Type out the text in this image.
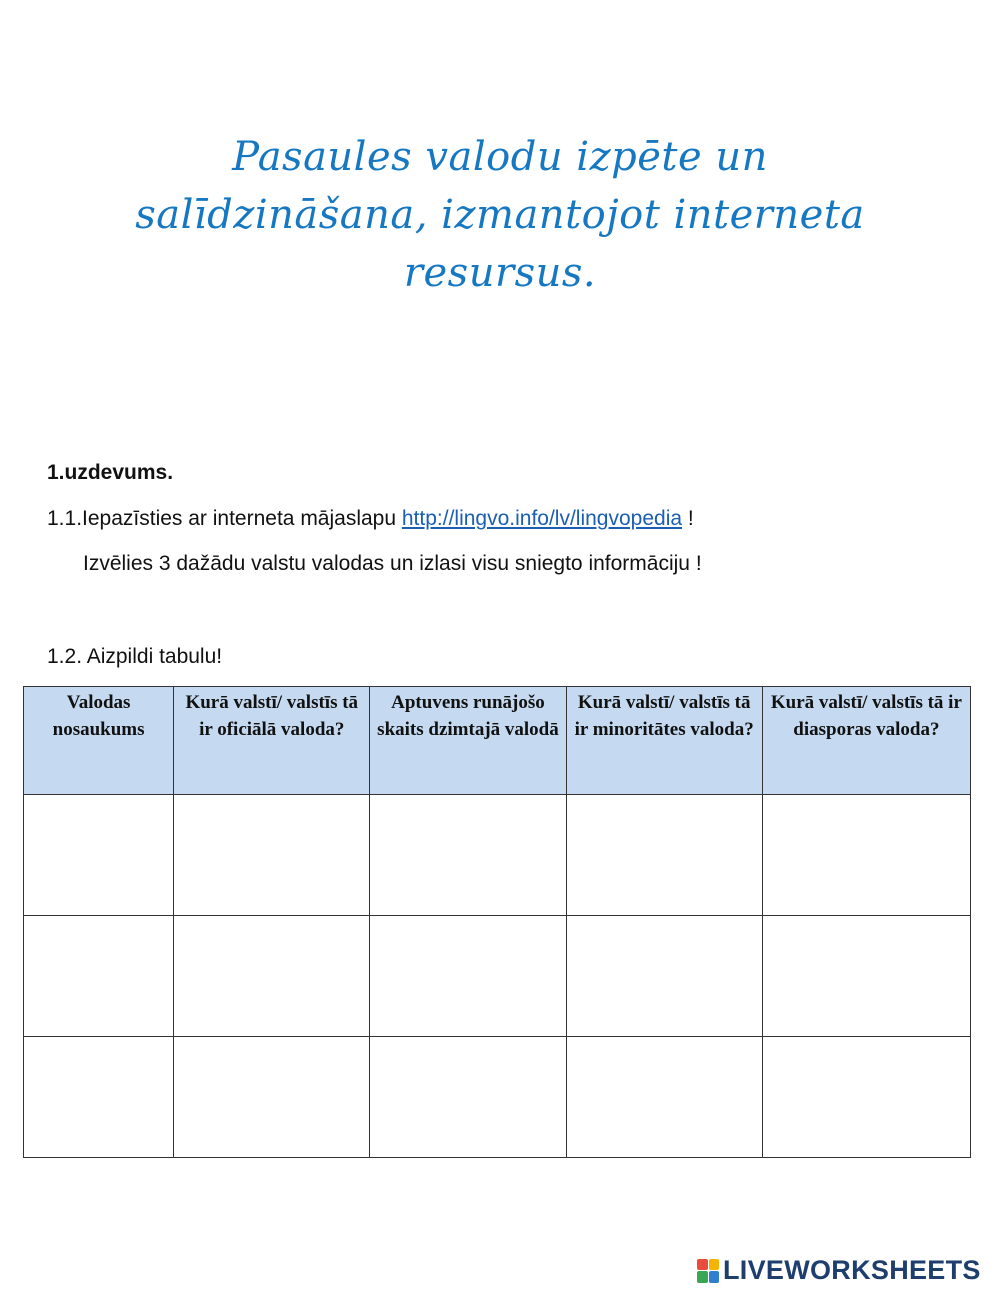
Pasaules valodu izpēte un
salīdzināšana, izmantojot interneta
resursus.
1.uzdevums.
1.1.Iepazīsties ar interneta mājaslapu http://lingvo.info/lv/lingvopedia !
Izvēlies 3 dažādu valstu valodas un izlasi visu sniegto informāciju !
1.2. Aizpildi tabulu!
Valodas nosaukums	Kurā valstī/ valstīs tā ir oficiālā valoda?	Aptuvens runājošo skaits dzimtajā valodā	Kurā valstī/ valstīs tā ir minoritātes valoda?	Kurā valstī/ valstīs tā ir diasporas valoda?

LIVEWORKSHEETS
